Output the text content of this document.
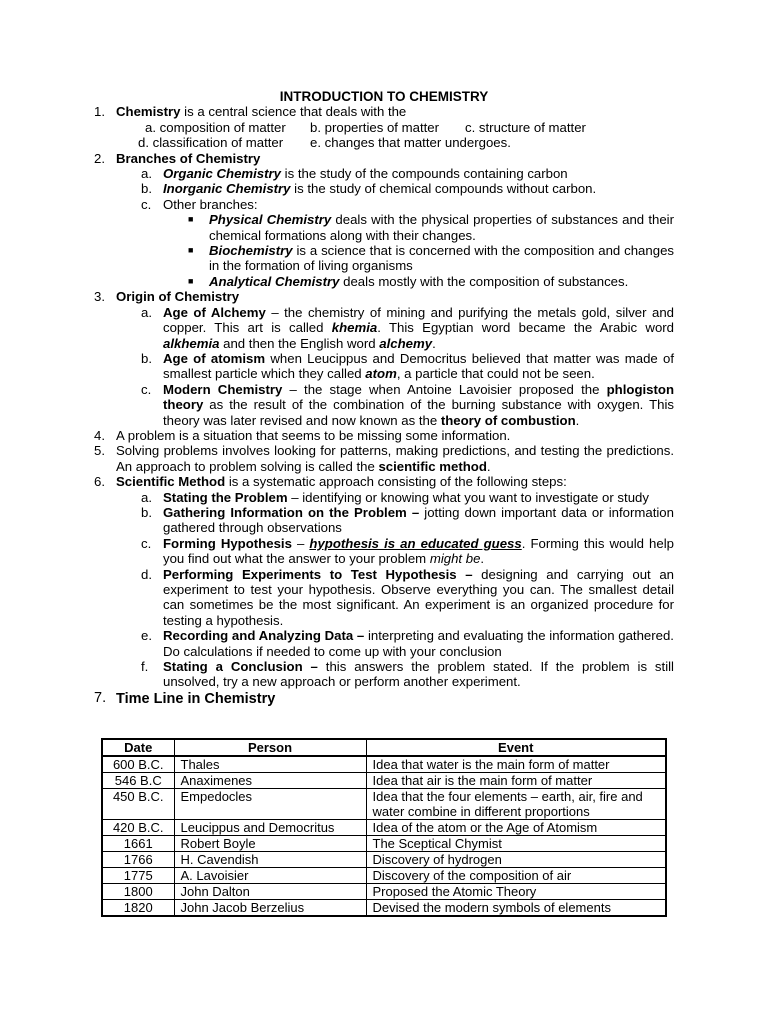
INTRODUCTION TO CHEMISTRY
1. Chemistry is a central science that deals with the
a. composition of matter	b. properties of matter	c. structure of matter
d. classification of matter	e. changes that matter undergoes.
2. Branches of Chemistry
a. Organic Chemistry is the study of the compounds containing carbon
b. Inorganic Chemistry is the study of chemical compounds without carbon.
c. Other branches:
■ Physical Chemistry deals with the physical properties of substances and their chemical formations along with their changes.
■ Biochemistry is a science that is concerned with the composition and changes in the formation of living organisms
■ Analytical Chemistry deals mostly with the composition of substances.
3. Origin of Chemistry
a. Age of Alchemy – the chemistry of mining and purifying the metals gold, silver and copper. This art is called khemia. This Egyptian word became the Arabic word alkhemia and then the English word alchemy.
b. Age of atomism when Leucippus and Democritus believed that matter was made of smallest particle which they called atom, a particle that could not be seen.
c. Modern Chemistry – the stage when Antoine Lavoisier proposed the phlogiston theory as the result of the combination of the burning substance with oxygen. This theory was later revised and now known as the theory of combustion.
4. A problem is a situation that seems to be missing some information.
5. Solving problems involves looking for patterns, making predictions, and testing the predictions. An approach to problem solving is called the scientific method.
6. Scientific Method is a systematic approach consisting of the following steps:
a. Stating the Problem – identifying or knowing what you want to investigate or study
b. Gathering Information on the Problem – jotting down important data or information gathered through observations
c. Forming Hypothesis – hypothesis is an educated guess. Forming this would help you find out what the answer to your problem might be.
d. Performing Experiments to Test Hypothesis – designing and carrying out an experiment to test your hypothesis. Observe everything you can. The smallest detail can sometimes be the most significant. An experiment is an organized procedure for testing a hypothesis.
e. Recording and Analyzing Data – interpreting and evaluating the information gathered. Do calculations if needed to come up with your conclusion
f.	Stating a Conclusion – this answers the problem stated. If the problem is still unsolved, try a new approach or perform another experiment.
7. Time Line in Chemistry
Date	Person	Event
600 B.C.	Thales	Idea that water is the main form of matter
546 B.C	Anaximenes	Idea that air is the main form of matter
450 B.C.	Empedocles	Idea that the four elements – earth, air, fire and water combine in different proportions
420 B.C.	Leucippus and Democritus	Idea of the atom or the Age of Atomism
1661	Robert Boyle	The Sceptical Chymist
1766	H. Cavendish	Discovery of hydrogen
1775	A. Lavoisier	Discovery of the composition of air
1800	John Dalton	Proposed the Atomic Theory
1820	John Jacob Berzelius	Devised the modern symbols of elements
